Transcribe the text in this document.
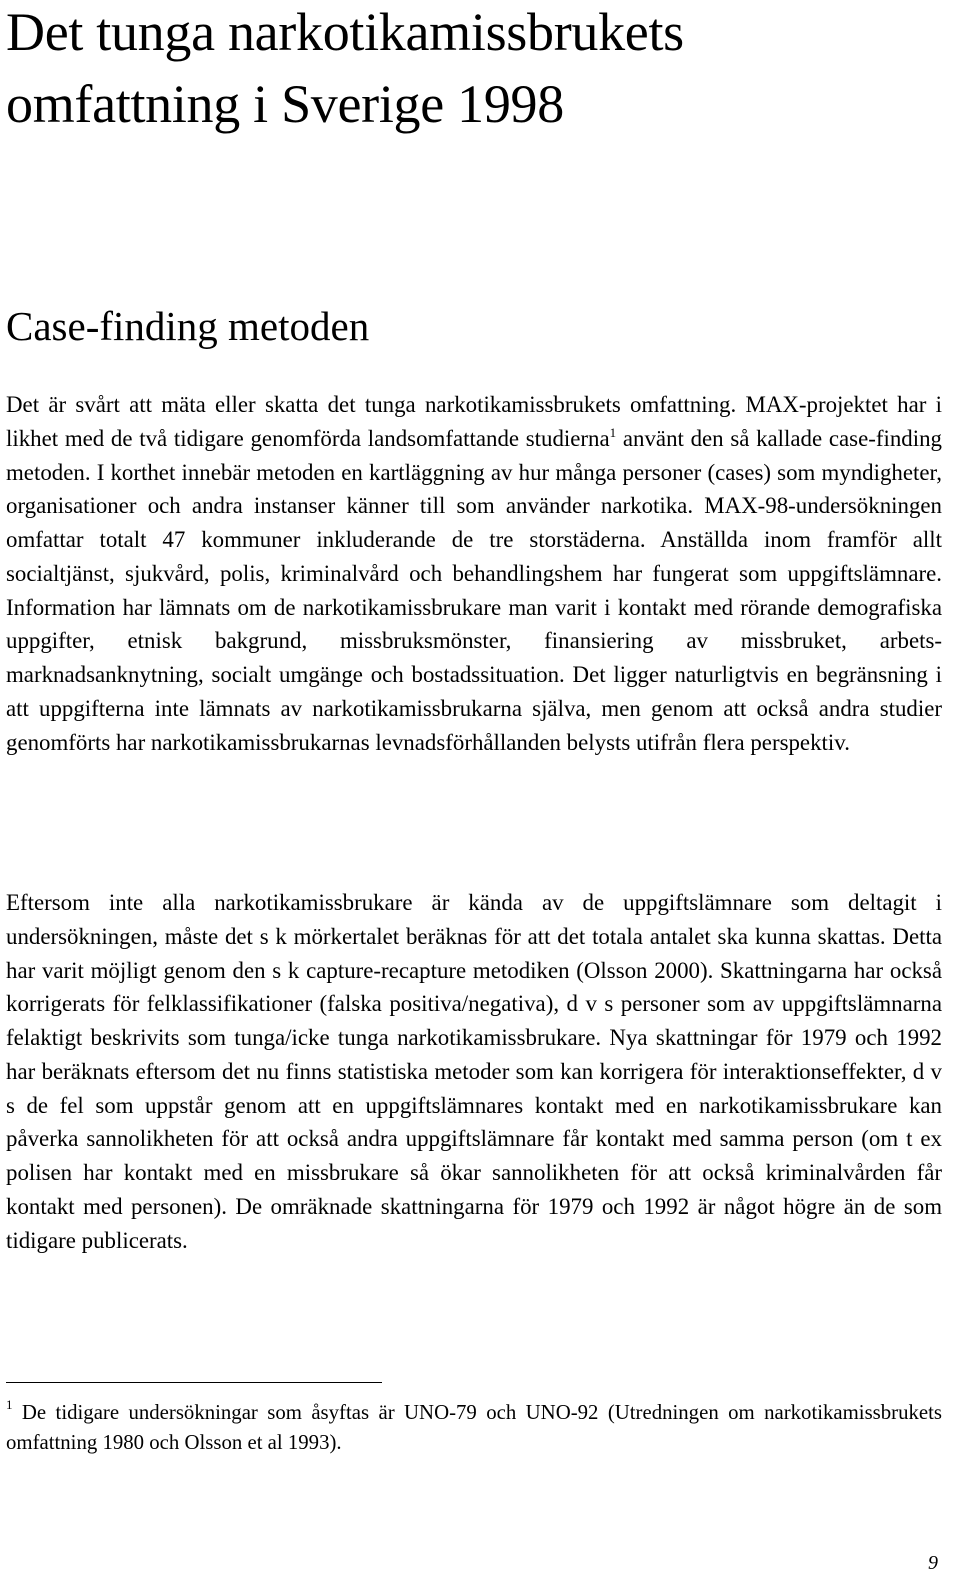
Det tunga narkotikamissbrukets
omfattning i Sverige 1998
Case-finding metoden

Det är svårt att mäta eller skatta det tunga narkotikamissbrukets omfattning. MAX-projektet har i likhet med de två tidigare genomförda landsomfattande studierna$^1$ använt den så kallade case-finding metoden. I korthet innebär metoden en kartläggning av hur många personer (cases) som myndigheter, organisationer och andra instanser känner till som använder narkotika. MAX-98-undersökningen omfattar totalt 47 kommuner inkluderande de tre storstäderna. Anställda inom framför allt socialtjänst, sjukvård, polis, kriminalvård och behandlingshem har fungerat som uppgiftslämnare. Information har lämnats om de narkotikamissbrukare man varit i kontakt med rörande demografiska uppgifter, etnisk bakgrund, missbruksmönster, finansiering av missbruket, arbetsmarknadsanknytning, socialt umgänge och bostadssituation. Det ligger naturligtvis en begränsning i att uppgifterna inte lämnats av narkotikamissbrukarna själva, men genom att också andra studier genomförts har narkotikamissbrukarnas levnadsförhållanden belysts utifrån flera perspektiv.

Eftersom inte alla narkotikamissbrukare är kända av de uppgiftslämnare som deltagit i undersökningen, måste det s k mörkertalet beräknas för att det totala antalet ska kunna skattas. Detta har varit möjligt genom den s k capture-recapture metodiken (Olsson 2000). Skattningarna har också korrigerats för felklassifikationer (falska positiva/negativa), d v s personer som av uppgiftslämnarna felaktigt beskrivits som tunga/icke tunga narkotikamissbrukare. Nya skattningar för 1979 och 1992 har beräknats eftersom det nu finns statistiska metoder som kan korrigera för interaktionseffekter, d v s de fel som uppstår genom att en uppgiftslämnares kontakt med en narkotikamissbrukare kan påverka sannolikheten för att också andra uppgiftslämnare får kontakt med samma person (om t ex polisen har kontakt med en missbrukare så ökar sannolikheten för att också kriminalvården får kontakt med personen). De omräknade skattningarna för 1979 och 1992 är något högre än de som tidigare publicerats.

$^1$ De tidigare undersökningar som åsyftas är UNO-79 och UNO-92 (Utredningen om narkotikamissbrukets omfattning 1980 och Olsson et al 1993).

9
